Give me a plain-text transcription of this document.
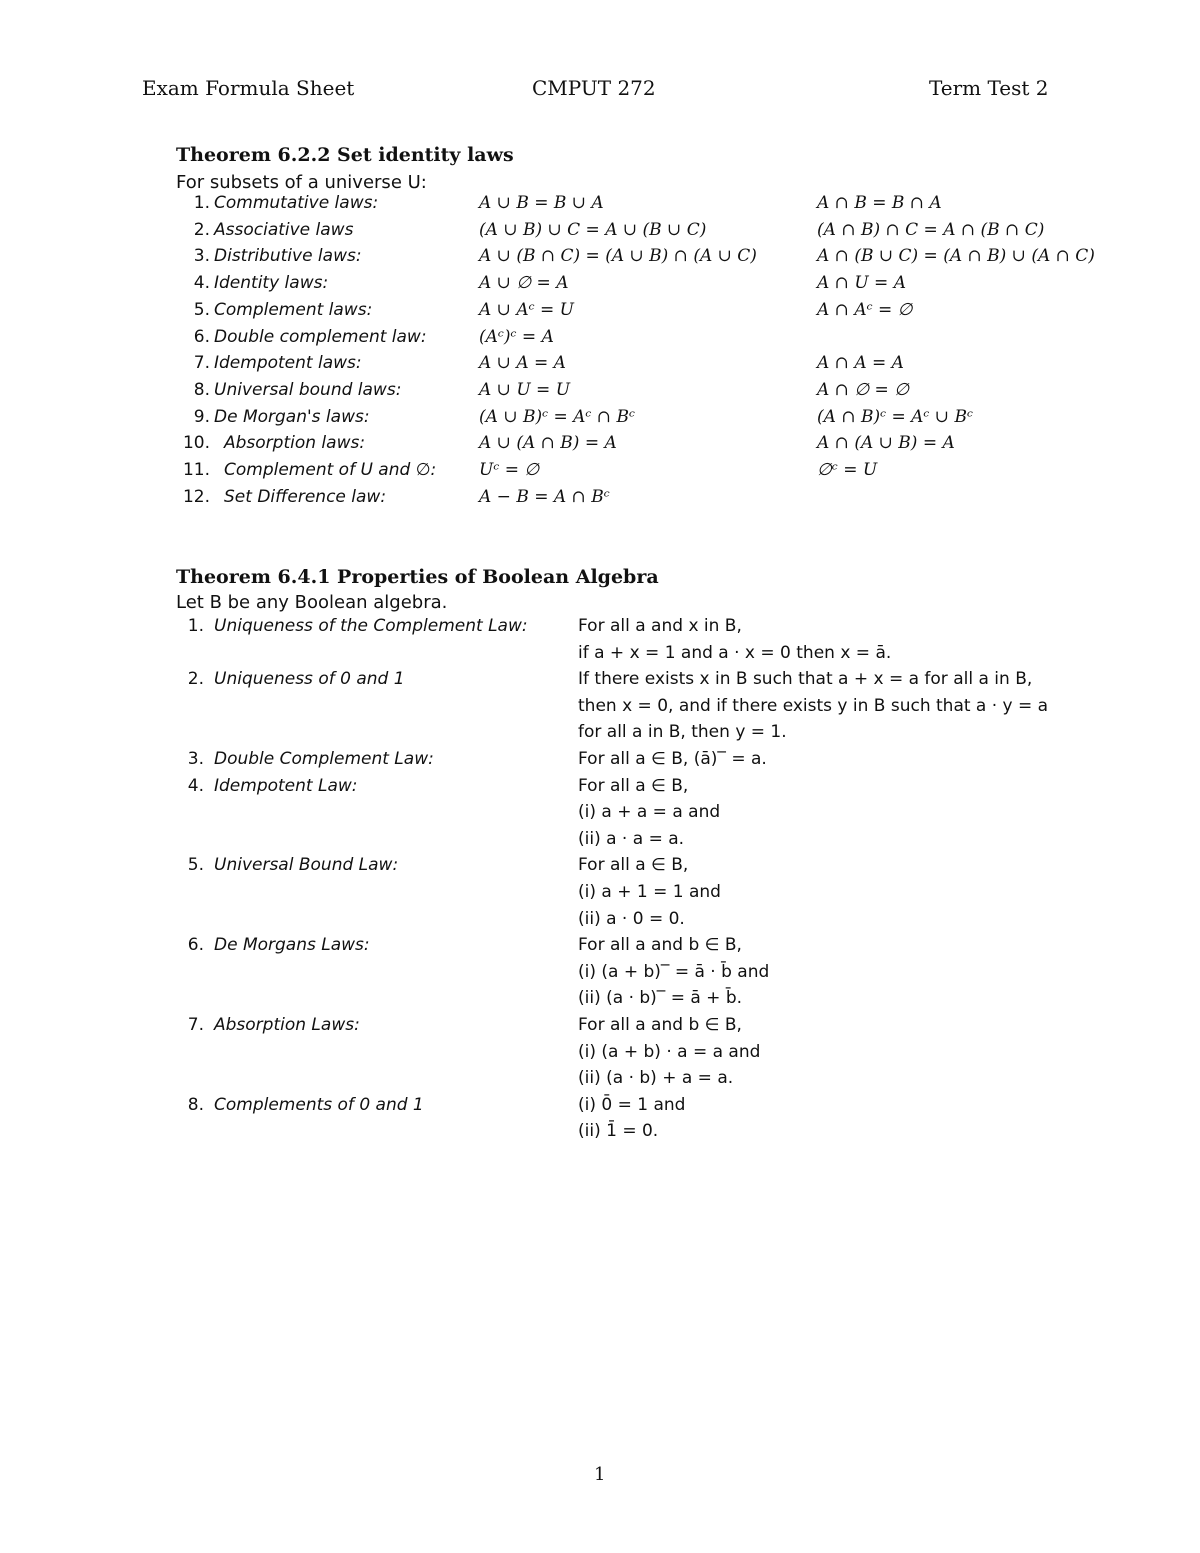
Exam Formula Sheet	CMPUT 272	Term Test 2
Theorem 6.2.2 Set identity laws
For subsets of a universe U:
1. Commutative laws:	A ∪ B = B ∪ A	A ∩ B = B ∩ A
2. Associative laws	(A ∪ B) ∪ C = A ∪ (B ∪ C)	(A ∩ B) ∩ C = A ∩ (B ∩ C)
3. Distributive laws:	A ∪ (B ∩ C) = (A ∪ B) ∩ (A ∪ C)	A ∩ (B ∪ C) = (A ∩ B) ∪ (A ∩ C)
4. Identity laws:	A ∪ ∅ = A	A ∩ U = A
5. Complement laws:	A ∪ Aᶜ = U	A ∩ Aᶜ = ∅
6. Double complement law:	(Aᶜ)ᶜ = A
7. Idempotent laws:	A ∪ A = A	A ∩ A = A
8. Universal bound laws:	A ∪ U = U	A ∩ ∅ = ∅
9. De Morgan's laws:	(A ∪ B)ᶜ = Aᶜ ∩ Bᶜ	(A ∩ B)ᶜ = Aᶜ ∪ Bᶜ
10. Absorption laws:	A ∪ (A ∩ B) = A	A ∩ (A ∪ B) = A
11. Complement of U and ∅:	Uᶜ = ∅	∅ᶜ = U
12. Set Difference law:	A − B = A ∩ Bᶜ
Theorem 6.4.1 Properties of Boolean Algebra
Let B be any Boolean algebra.
1. Uniqueness of the Complement Law:	For all a and x in B,
if a + x = 1 and a · x = 0 then x = ā.
2. Uniqueness of 0 and 1	If there exists x in B such that a + x = a for all a in B,
then x = 0, and if there exists y in B such that a · y = a
for all a in B, then y = 1.
3. Double Complement Law:	For all a ∈ B, (ā)‾ = a.
4. Idempotent Law:	For all a ∈ B,
(i) a + a = a and
(ii) a · a = a.
5. Universal Bound Law:	For all a ∈ B,
(i) a + 1 = 1 and
(ii) a · 0 = 0.
6. De Morgans Laws:	For all a and b ∈ B,
(i) (a + b)‾ = ā · b̄ and
(ii) (a · b)‾ = ā + b̄.
7. Absorption Laws:	For all a and b ∈ B,
(i) (a + b) · a = a and
(ii) (a · b) + a = a.
8. Complements of 0 and 1	(i) 0̄ = 1 and
(ii) 1̄ = 0.
1
